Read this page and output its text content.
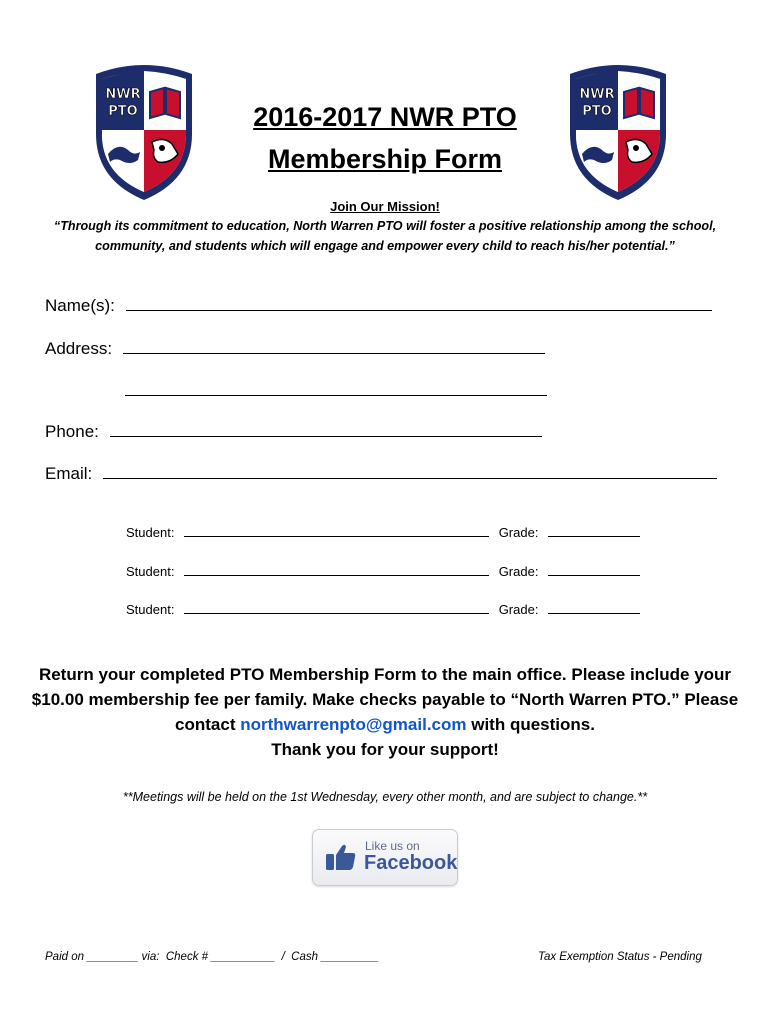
NWR
PTO
NWR
PTO
2016-2017 NWR PTO
Membership Form
Join Our Mission!
“Through its commitment to education, North Warren PTO will foster a positive relationship among the school, community, and students which will engage and empower every child to reach his/her potential.”
Name(s):
Address:
Phone:
Email:
Student:	Grade:
Student:	Grade:
Student:	Grade:
Return your completed PTO Membership Form to the main office. Please include your $10.00 membership fee per family. Make checks payable to “North Warren PTO.” Please contact northwarrenpto@gmail.com with questions.
Thank you for your support!
**Meetings will be held on the 1st Wednesday, every other month, and are subject to change.**
Like us on
Facebook
Paid on ________ via:  Check # __________  /  Cash _________	Tax Exemption Status - Pending
